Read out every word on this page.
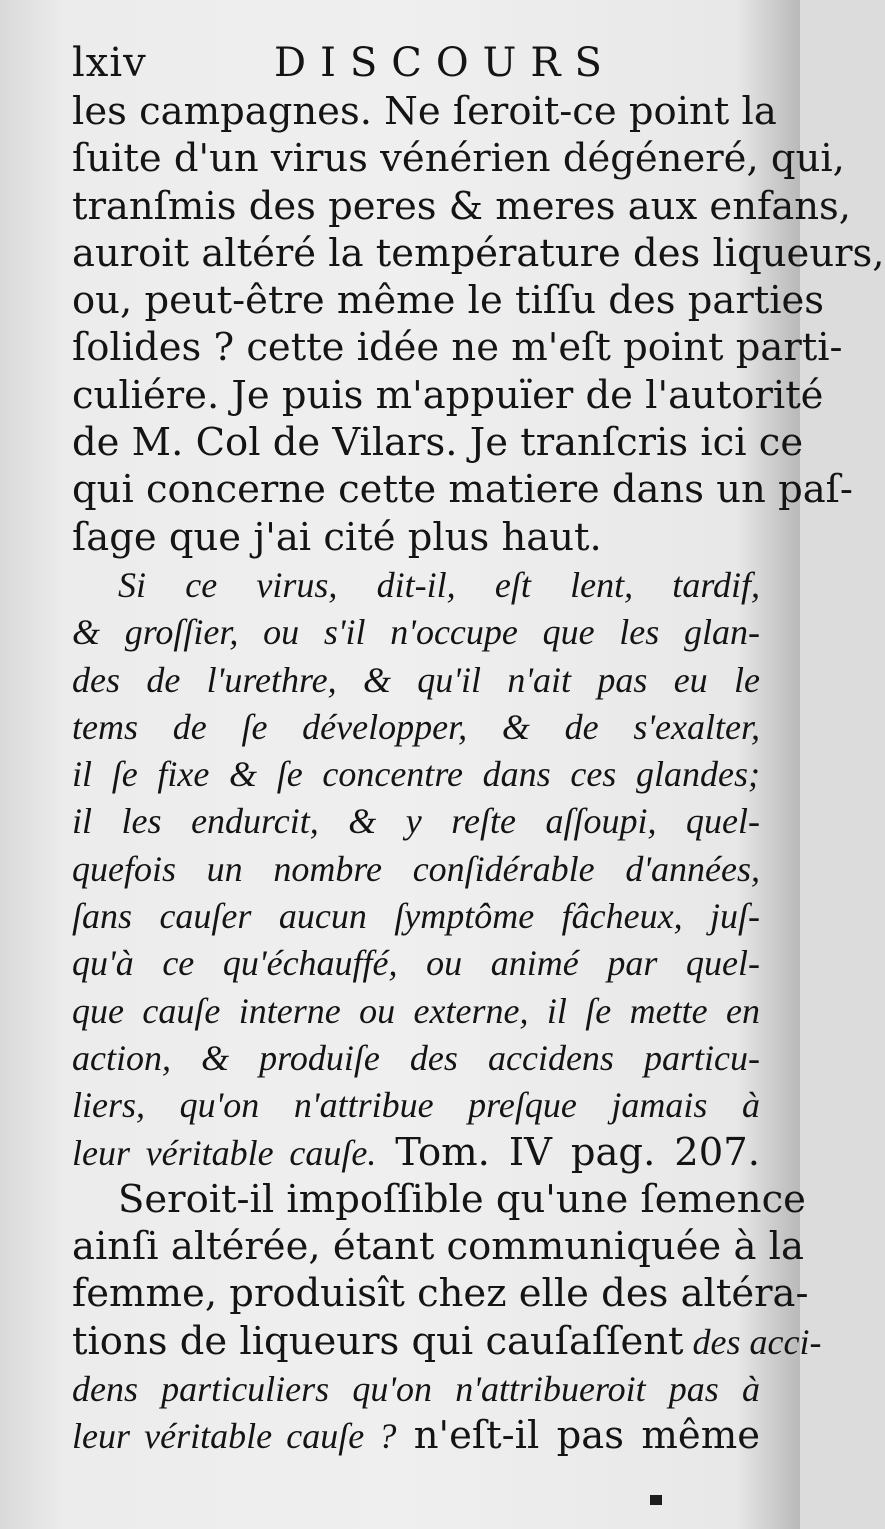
lxiv	DISCOURS
les campagnes. Ne ſeroit-ce point la
ſuite d'un virus vénérien dégéneré, qui,
tranſmis des peres & meres aux enfans,
auroit altéré la température des liqueurs,
ou, peut-être même le tiſſu des parties
ſolides ? cette idée ne m'eſt point parti-
culiére. Je puis m'appuïer de l'autorité
de M. Col de Vilars. Je tranſcris ici ce
qui concerne cette matiere dans un paſ-
ſage que j'ai cité plus haut.
Si ce virus, dit-il, eſt lent, tardif,
& groſſier, ou s'il n'occupe que les glan-
des de l'urethre, & qu'il n'ait pas eu le
tems de ſe développer, & de s'exalter,
il ſe fixe & ſe concentre dans ces glandes;
il les endurcit, & y reſte aſſoupi, quel-
quefois un nombre conſidérable d'années,
ſans cauſer aucun ſymptôme fâcheux, juſ-
qu'à ce qu'échauffé, ou animé par quel-
que cauſe interne ou externe, il ſe mette en
action, & produiſe des accidens particu-
liers, qu'on n'attribue preſque jamais à
leur véritable cauſe. Tom. IV pag. 207.
Seroit-il impoſſible qu'une ſemence
ainſi altérée, étant communiquée à la
femme, produisît chez elle des altéra-
tions de liqueurs qui cauſaſſent des acci-
dens particuliers qu'on n'attribueroit pas à
leur véritable cauſe ? n'eſt-il pas même
